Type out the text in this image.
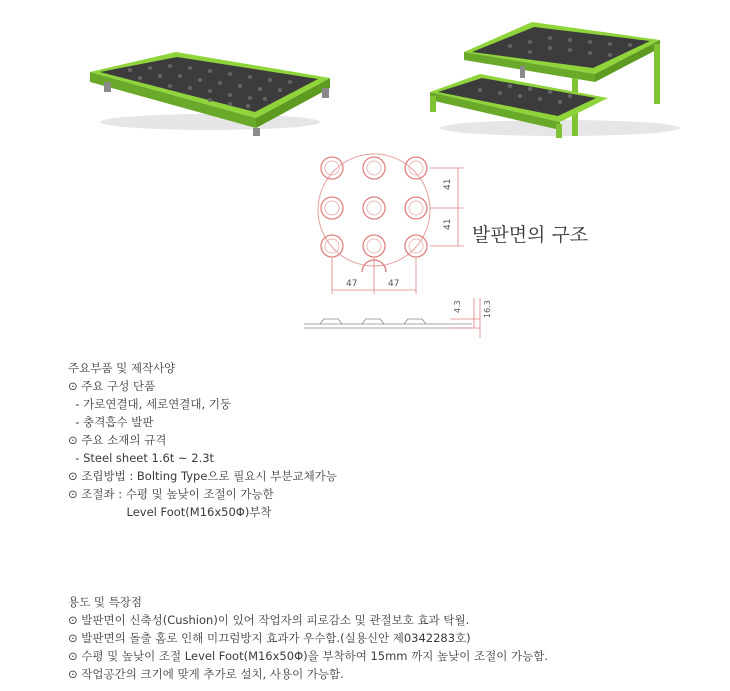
41
41
47	47
4.3	16.3
발판면의 구조
주요부품 및 제작사양
⊙ 주요 구성 단품
- 가로연결대, 세로연결대, 기둥
- 충격흡수 발판
⊙ 주요 소재의 규격
- Steel sheet 1.6t ~ 2.3t
⊙ 조립방법 : Bolting Type으로 필요시 부분교체가능
⊙ 조절좌 : 수평 및 높낮이 조절이 가능한
Level Foot(M16x50Φ)부착
용도 및 특장점
⊙ 발판면이 신축성(Cushion)이 있어 작업자의 피로감소 및 관절보호 효과 탁월.
⊙ 발판면의 돌출 홈로 인해 미끄럼방지 효과가 우수함.(실용신안 제0342283호)
⊙ 수평 및 높낮이 조절 Level Foot(M16x50Φ)을 부착하여 15mm 까지 높낮이 조절이 가능함.
⊙ 작업공간의 크기에 맞게 추가로 설치, 사용이 가능함.
